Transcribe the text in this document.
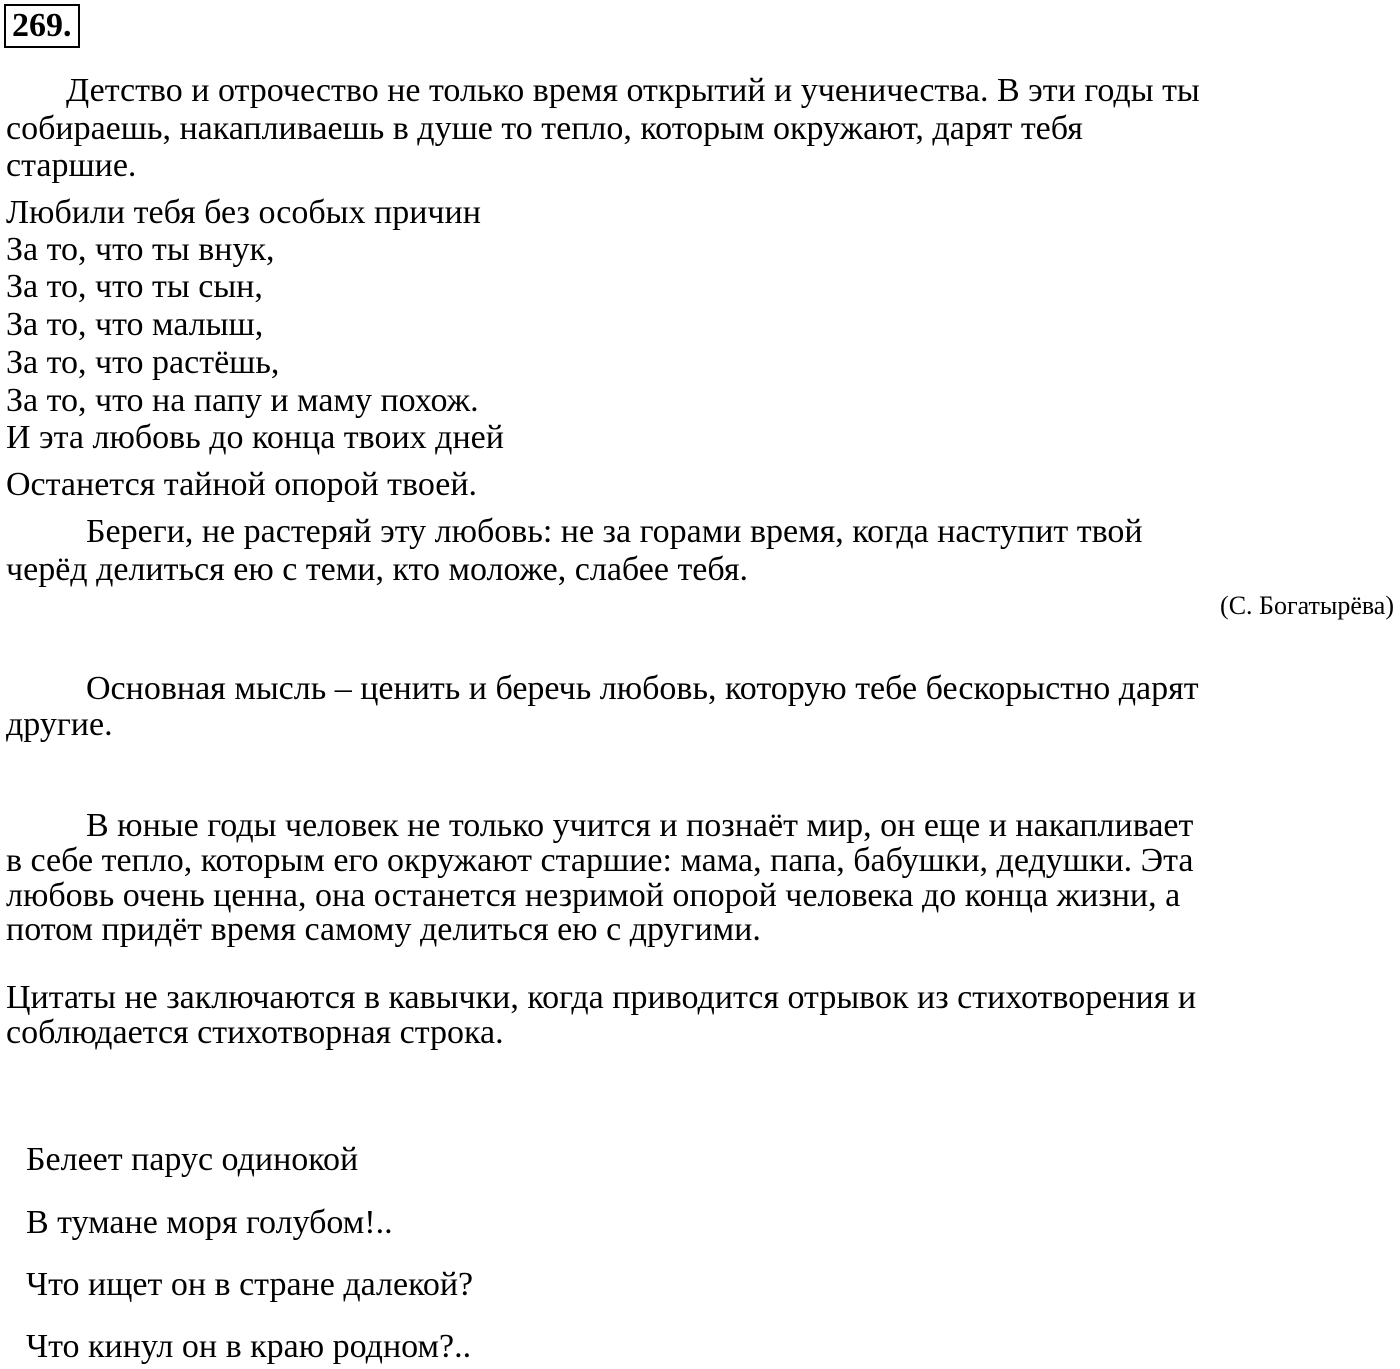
269.
Детство и отрочество не только время открытий и ученичества. В эти годы ты
собираешь, накапливаешь в душе то тепло, которым окружают, дарят тебя
старшие.
Любили тебя без особых причин
За то, что ты внук,
За то, что ты сын,
За то, что малыш,
За то, что растёшь,
За то, что на папу и маму похож.
И эта любовь до конца твоих дней
Останется тайной опорой твоей.
Береги, не растеряй эту любовь: не за горами время, когда наступит твой
черёд делиться ею с теми, кто моложе, слабее тебя.
(С. Богатырёва)
Основная мысль – ценить и беречь любовь, которую тебе бескорыстно дарят
другие.
В юные годы человек не только учится и познаёт мир, он еще и накапливает
в себе тепло, которым его окружают старшие: мама, папа, бабушки, дедушки. Эта
любовь очень ценна, она останется незримой опорой человека до конца жизни, а
потом придёт время самому делиться ею с другими.
Цитаты не заключаются в кавычки, когда приводится отрывок из стихотворения и
соблюдается стихотворная строка.
Белеет парус одинокой
В тумане моря голубом!..
Что ищет он в стране далекой?
Что кинул он в краю родном?..
